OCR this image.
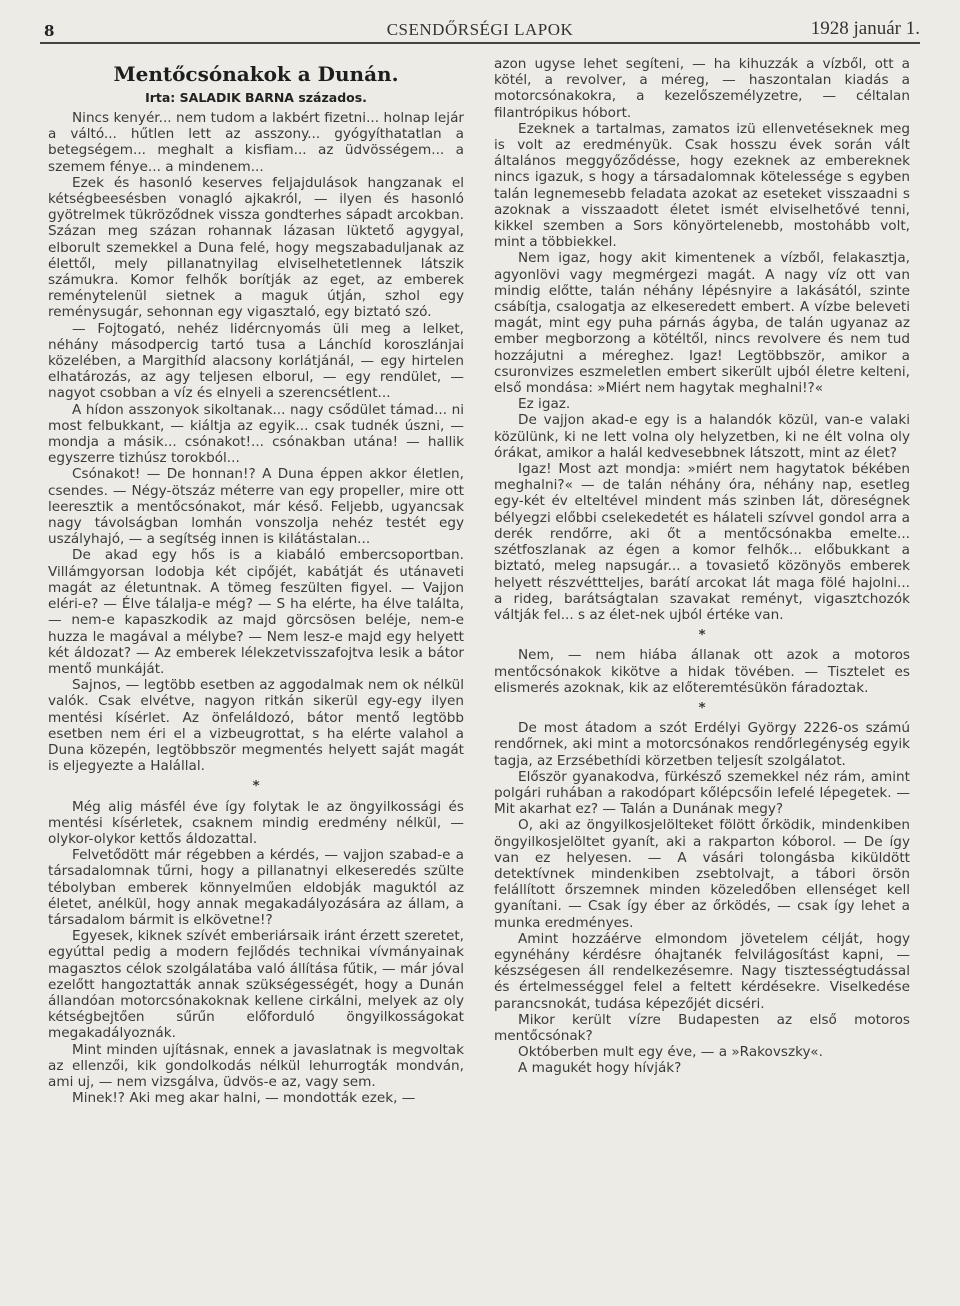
8	CSENDŐRSÉGI LAPOK	1928 január 1.
Mentőcsónakok a Dunán.
Irta: SALADIK BARNA százados.

Nincs kenyér... nem tudom a lakbért fizetni... holnap lejár a váltó... hűtlen lett az asszony... gyógyíthatatlan a betegségem... meghalt a kisfiam... az üdvösségem... a szemem fénye... a mindenem...

Ezek és hasonló keserves feljajdulások hangzanak el kétségbeesésben vonagló ajkakról, — ilyen és hasonló gyötrelmek tükröződnek vissza gondterhes sápadt arcokban. Százan meg százan rohannak lázasan lüktető agygyal, elborult szemekkel a Duna felé, hogy megszabaduljanak az élettől, mely pillanatnyilag elviselhetetlennek látszik számukra. Komor felhők borítják az eget, az emberek reménytelenül sietnek a maguk útján, szhol egy reménysugár, sehonnan egy vigasztaló, egy biztató szó.

— Fojtogató, nehéz lidércnyomás üli meg a lelket, néhány másodpercig tartó tusa a Lánchíd koroszlánjai közelében, a Margithíd alacsony korlátjánál, — egy hirtelen elhatározás, az agy teljesen elborul, — egy rendület, — nagyot csobban a víz és elnyeli a szerencsétlent...

A hídon asszonyok sikoltanak... nagy csődület támad... ni most felbukkant, — kiáltja az egyik... csak tudnék úszni, — mondja a másik... csónakot!... csónakban utána! — hallik egyszerre tizhúsz torokból...

Csónakot! — De honnan!? A Duna éppen akkor életlen, csendes. — Négy-ötszáz méterre van egy propeller, mire ott leeresztik a mentőcsónakot, már késő. Feljebb, ugyancsak nagy távolságban lomhán vonszolja nehéz testét egy uszályhajó, — a segítség innen is kilátástalan...

De akad egy hős is a kiabáló embercsoportban. Villámgyorsan lodobja két cipőjét, kabátját és utánaveti magát az életuntnak. A tömeg feszülten figyel. — Vajjon eléri-e? — Élve tálalja-e még? — S ha elérte, ha élve találta, — nem-e kapaszkodik az majd görcsösen beléje, nem-e huzza le magával a mélybe? — Nem lesz-e majd egy helyett két áldozat? — Az emberek lélekzetvisszafojtva lesik a bátor mentő munkáját.

Sajnos, — legtöbb esetben az aggodalmak nem ok nélkül valók. Csak elvétve, nagyon ritkán sikerül egy-egy ilyen mentési kísérlet. Az önfeláldozó, bátor mentő legtöbb esetben nem éri el a vizbeugrottat, s ha elérte valahol a Duna közepén, legtöbbször megmentés helyett saját magát is eljegyezte a Halállal.

*

Még alig másfél éve így folytak le az öngyilkossági és mentési kísérletek, csaknem mindig eredmény nélkül, — olykor-olykor kettős áldozattal.

Felvetődött már régebben a kérdés, — vajjon szabad-e a társadalomnak tűrni, hogy a pillanatnyi elkeseredés szülte tébolyban emberek könnyelműen eldobják maguktól az életet, anélkül, hogy annak megakadályozására az állam, a társadalom bármit is elkövetne!?

Egyesek, kiknek szívét emberiársaik iránt érzett szeretet, egyúttal pedig a modern fejlődés technikai vívmányainak magasztos célok szolgálatába való állítása fűtik, — már jóval ezelőtt hangoztatták annak szükségességét, hogy a Dunán állandóan motorcsónakoknak kellene cirkálni, melyek az oly kétségbejtően sűrűn előforduló öngyilkosságokat megakadályoznák.

Mint minden ujításnak, ennek a javaslatnak is megvoltak az ellenzői, kik gondolkodás nélkül lehurrogták mondván, ami uj, — nem vizsgálva, üdvös-e az, vagy sem.

Minek!? Aki meg akar halni, — mondották ezek, —

azon ugyse lehet segíteni, — ha kihuzzák a vízből, ott a kötél, a revolver, a méreg, — haszontalan kiadás a motorcsónakokra, a kezelőszemélyzetre, — céltalan filantrópikus hóbort.

Ezeknek a tartalmas, zamatos izü ellenvetéseknek meg is volt az eredményük. Csak hosszu évek során vált általános meggyőződésse, hogy ezeknek az embereknek nincs igazuk, s hogy a társadalomnak kötelessége s egyben talán legnemesebb feladata azokat az eseteket visszaadni s azoknak a visszaadott életet ismét elviselhetővé tenni, kikkel szemben a Sors könyörtelenebb, mostohább volt, mint a többiekkel.

Nem igaz, hogy akit kimentenek a vízből, felakasztja, agyonlövi vagy megmérgezi magát. A nagy víz ott van mindig előtte, talán néhány lépésnyire a lakásától, szinte csábítja, csalogatja az elkeseredett embert. A vízbe beleveti magát, mint egy puha párnás ágyba, de talán ugyanaz az ember megborzong a kötéltől, nincs revolvere és nem tud hozzájutni a méreghez. Igaz! Legtöbbször, amikor a csuronvizes eszmeletlen embert sikerült ujból életre kelteni, első mondása: »Miért nem hagytak meghalni!?«

Ez igaz.

De vajjon akad-e egy is a halandók közül, van-e valaki közülünk, ki ne lett volna oly helyzetben, ki ne élt volna oly órákat, amikor a halál kedvesebbnek látszott, mint az élet?

Igaz! Most azt mondja: »miért nem hagytatok békében meghalni?« — de talán néhány óra, néhány nap, esetleg egy-két év elteltével mindent más szinben lát, döreségnek bélyegzi előbbi cselekedetét es hálateli szívvel gondol arra a derék rendőrre, aki őt a mentőcsónakba emelte... szétfoszlanak az égen a komor felhők... előbukkant a biztató, meleg napsugár... a tovasiető közönyös emberek helyett részvéttteljes, barátí arcokat lát maga fölé hajolni... a rideg, barátságtalan szavakat reményt, vigasztchozók váltják fel... s az élet-nek ujból értéke van.

*

Nem, — nem hiába állanak ott azok a motoros mentőcsónakok kikötve a hidak tövében. — Tisztelet es elismerés azoknak, kik az előteremtésükön fáradoztak.

*

De most átadom a szót Erdélyi György 2226-os számú rendőrnek, aki mint a motorcsónakos rendőrlegénység egyik tagja, az Erzsébethídi körzetben teljesít szolgálatot.

Először gyanakodva, fürkésző szemekkel néz rám, amint polgári ruhában a rakodópart kőlépcsőin lefelé lépegetek. — Mit akarhat ez? — Talán a Dunának megy?

O, aki az öngyilkosjelölteket fölött őrködik, mindenkiben öngyilkosjelöltet gyanít, aki a rakparton kóborol. — De így van ez helyesen. — A vásári tolongásba kiküldött detektívnek mindenkiben zsebtolvajt, a tábori örsön felállított őrszemnek minden közeledőben ellenséget kell gyanítani. — Csak így éber az őrködés, — csak így lehet a munka eredményes.

Amint hozzáérve elmondom jövetelem célját, hogy egynéhány kérdésre óhajtanék felvilágosítást kapni, — készségesen áll rendelkezésemre. Nagy tisztességtudással és értelmességgel felel a feltett kérdésekre. Viselkedése parancsnokát, tudása képezőjét dicséri.

Mikor került vízre Budapesten az első motoros mentőcsónak?

Októberben mult egy éve, — a »Rakovszky«.

A magukét hogy hívják?
